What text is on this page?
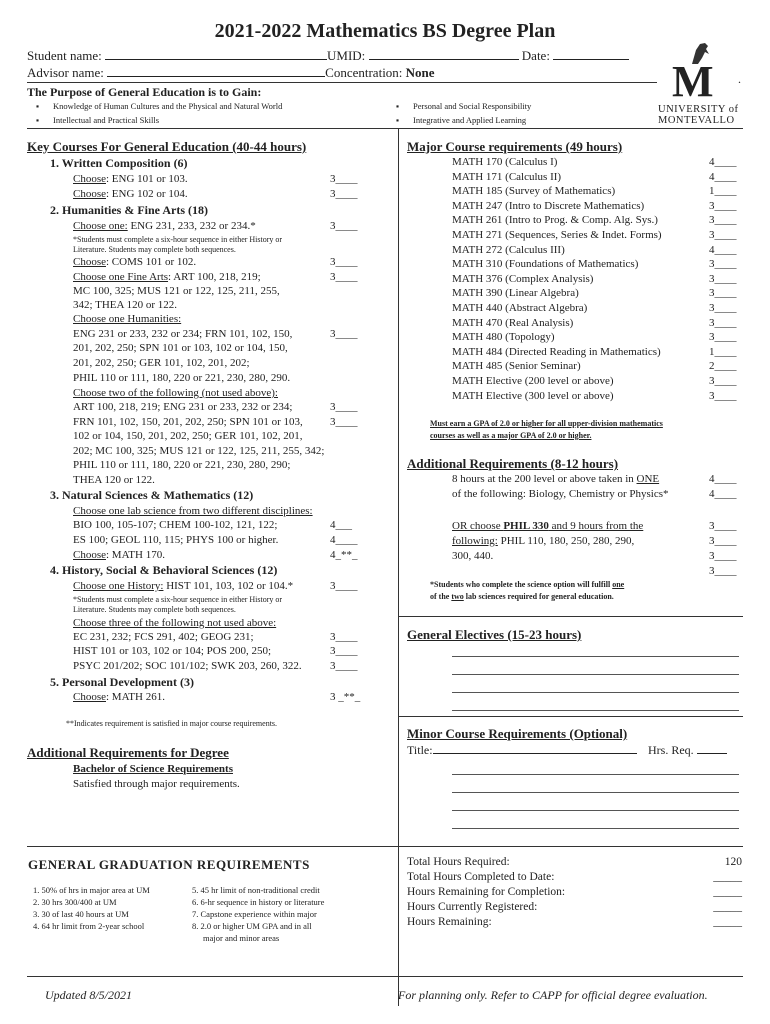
2021-2022 Mathematics BS Degree Plan
Student name:	UMID:	Date:
Advisor name:	Concentration: None	M
UNIVERSITY of
MONTEVALLO
.
The Purpose of General Education is to Gain:
▪ Knowledge of Human Cultures and the Physical and Natural World
▪ Intellectual and Practical Skills
▪ Personal and Social Responsibility
▪ Integrative and Applied Learning
Key Courses For General Education (40-44 hours)
1. Written Composition (6)
Choose: ENG 101 or 103.	3____
Choose: ENG 102 or 104.	3____
2. Humanities & Fine Arts (18)
Choose one: ENG 231, 233, 232 or 234.*	3____
*Students must complete a six-hour sequence in either History or
Literature. Students may complete both sequences.
Choose: COMS 101 or 102.	3____
Choose one Fine Arts: ART 100, 218, 219;	3____
MC 100, 325; MUS 121 or 122, 125, 211, 255,
342; THEA 120 or 122.
Choose one Humanities:
ENG 231 or 233, 232 or 234; FRN 101, 102, 150,	3____
201, 202, 250; SPN 101 or 103, 102 or 104, 150,
201, 202, 250; GER 101, 102, 201, 202;
PHIL 110 or 111, 180, 220 or 221, 230, 280, 290.
Choose two of the following (not used above):
ART 100, 218, 219; ENG 231 or 233, 232 or 234;	3____
FRN 101, 102, 150, 201, 202, 250; SPN 101 or 103, 3____
102 or 104, 150, 201, 202, 250; GER 101, 102, 201,
202; MC 100, 325; MUS 121 or 122, 125, 211, 255, 342;
PHIL 110 or 111, 180, 220 or 221, 230, 280, 290;
THEA 120 or 122.
3. Natural Sciences & Mathematics (12)
Choose one lab science from two different disciplines:
BIO 100, 105-107; CHEM 100-102, 121, 122;	4___
ES 100; GEOL 110, 115; PHYS 100 or higher.	4____
Choose: MATH 170.	4_**_
4. History, Social & Behavioral Sciences (12)
Choose one History: HIST 101, 103, 102 or 104.*	3____
*Students must complete a six-hour sequence in either History or
Literature. Students may complete both sequences.
Choose three of the following not used above:
EC 231, 232; FCS 291, 402; GEOG 231;	3____
HIST 101 or 103, 102 or 104; POS 200, 250;	3____
PSYC 201/202; SOC 101/102; SWK 203, 260, 322.	3____
5. Personal Development (3)
Choose: MATH 261.	3 _**_
**Indicates requirement is satisfied in major course requirements.
Additional Requirements for Degree
Bachelor of Science Requirements
Satisfied through major requirements.
Major Course requirements (49 hours)
MATH 170 (Calculus I)	4____
MATH 171 (Calculus II)	4____
MATH 185 (Survey of Mathematics)	1____
MATH 247 (Intro to Discrete Mathematics)	3____
MATH 261 (Intro to Prog. & Comp. Alg. Sys.)	3____
MATH 271 (Sequences, Series & Indet. Forms)	3____
MATH 272 (Calculus III)	4____
MATH 310 (Foundations of Mathematics)	3____
MATH 376 (Complex Analysis)	3____
MATH 390 (Linear Algebra)	3____
MATH 440 (Abstract Algebra)	3____
MATH 470 (Real Analysis)	3____
MATH 480 (Topology)	3____
MATH 484 (Directed Reading in Mathematics)	1____
MATH 485 (Senior Seminar)	2____
MATH Elective (200 level or above)	3____
MATH Elective (300 level or above)	3____
Must earn a GPA of 2.0 or higher for all upper-division mathematics
courses as well as a major GPA of 2.0 or higher.
Additional Requirements (8-12 hours)
8 hours at the 200 level or above taken in ONE	4____
of the following: Biology, Chemistry or Physics*	4____
OR choose PHIL 330 and 9 hours from the	3____
following: PHIL 110, 180, 250, 280, 290,	3____
300, 440.	3____
3____
*Students who complete the science option will fulfill one
of the two lab sciences required for general education.
General Electives (15-23 hours)
Minor Course Requirements (Optional)
Title:	Hrs. Req.
GENERAL GRADUATION REQUIREMENTS
1. 50% of hrs in major area at UM
2. 30 hrs 300/400 at UM
3. 30 of last 40 hours at UM
4. 64 hr limit from 2-year school
5. 45 hr limit of non-traditional credit
6. 6-hr sequence in history or literature
7. Capstone experience within major
8. 2.0 or higher UM GPA and in all
major and minor areas
Total Hours Required:	120
Total Hours Completed to Date:	_____
Hours Remaining for Completion:	_____
Hours Currently Registered:	_____
Hours Remaining:	_____
Updated 8/5/2021	For planning only. Refer to CAPP for official degree evaluation.
